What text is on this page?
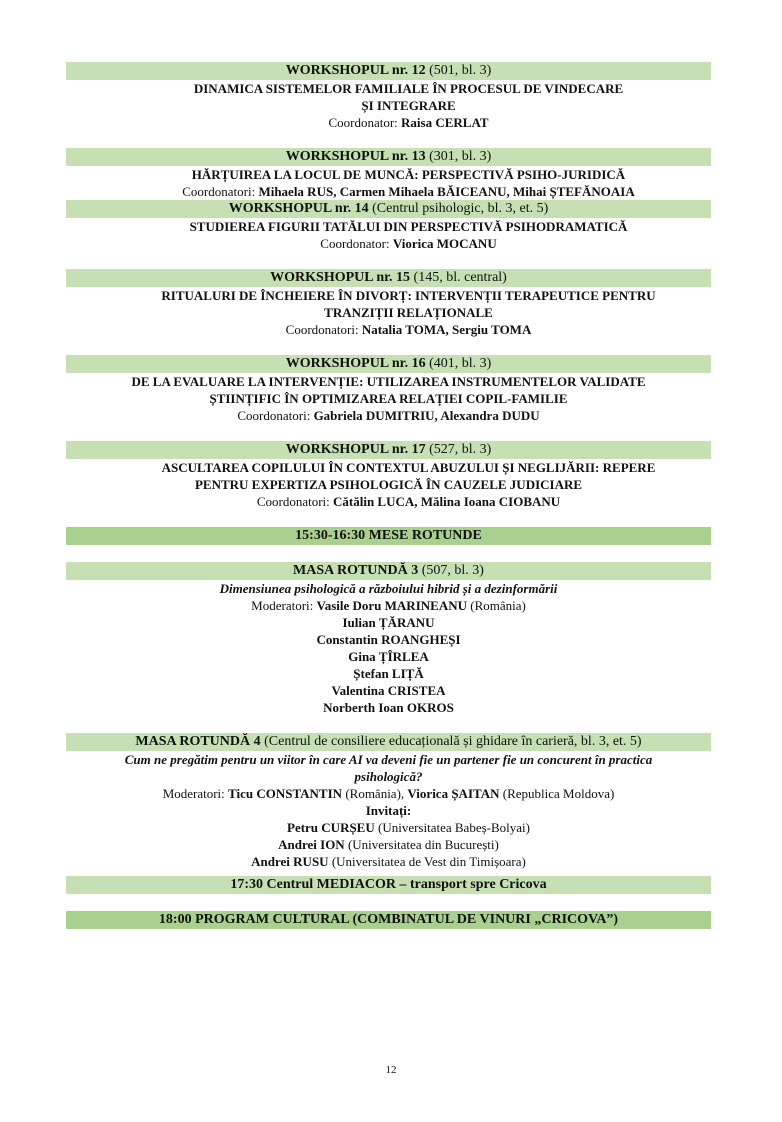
WORKSHOPUL nr. 12 (501, bl. 3)
DINAMICA SISTEMELOR FAMILIALE ÎN PROCESUL DE VINDECARE
ȘI INTEGRARE
Coordonator: Raisa CERLAT
WORKSHOPUL nr. 13 (301, bl. 3)
HĂRȚUIREA LA LOCUL DE MUNCĂ: PERSPECTIVĂ PSIHO-JURIDICĂ
Coordonatori: Mihaela RUS, Carmen Mihaela BĂICEANU, Mihai ȘTEFĂNOAIA
WORKSHOPUL nr. 14 (Centrul psihologic, bl. 3, et. 5)
STUDIEREA FIGURII TATĂLUI DIN PERSPECTIVĂ PSIHODRAMATICĂ
Coordonator: Viorica MOCANU
WORKSHOPUL nr. 15 (145, bl. central)
RITUALURI DE ÎNCHEIERE ÎN DIVORȚ: INTERVENȚII TERAPEUTICE PENTRU
TRANZIȚII RELAȚIONALE
Coordonatori: Natalia TOMA, Sergiu TOMA
WORKSHOPUL nr. 16 (401, bl. 3)
DE LA EVALUARE LA INTERVENȚIE: UTILIZAREA INSTRUMENTELOR VALIDATE
ȘTIINȚIFIC ÎN OPTIMIZAREA RELAȚIEI COPIL-FAMILIE
Coordonatori: Gabriela DUMITRIU, Alexandra DUDU
WORKSHOPUL nr. 17 (527, bl. 3)
ASCULTAREA COPILULUI ÎN CONTEXTUL ABUZULUI ȘI NEGLIJĂRII: REPERE
PENTRU EXPERTIZA PSIHOLOGICĂ ÎN CAUZELE JUDICIARE
Coordonatori: Cătălin LUCA, Mălina Ioana CIOBANU
15:30-16:30 MESE ROTUNDE
MASA ROTUNDĂ 3 (507, bl. 3)
Dimensiunea psihologică a războiului hibrid și a dezinformării
Moderatori: Vasile Doru MARINEANU (România)
Iulian ȚĂRANU
Constantin ROANGHEȘI
Gina ȚÎRLEA
Ștefan LIȚĂ
Valentina CRISTEA
Norberth Ioan OKROS
MASA ROTUNDĂ 4 (Centrul de consiliere educațională și ghidare în carieră, bl. 3, et. 5)
Cum ne pregătim pentru un viitor în care AI va deveni fie un partener fie un concurent în practica
psihologică?
Moderatori: Ticu CONSTANTIN (România), Viorica ȘAITAN (Republica Moldova)
Invitați:
Petru CURȘEU (Universitatea Babeș-Bolyai)
Andrei ION (Universitatea din București)
Andrei RUSU (Universitatea de Vest din Timișoara)
17:30 Centrul MEDIACOR – transport spre Cricova
18:00 PROGRAM CULTURAL (COMBINATUL DE VINURI „CRICOVA”)
12
